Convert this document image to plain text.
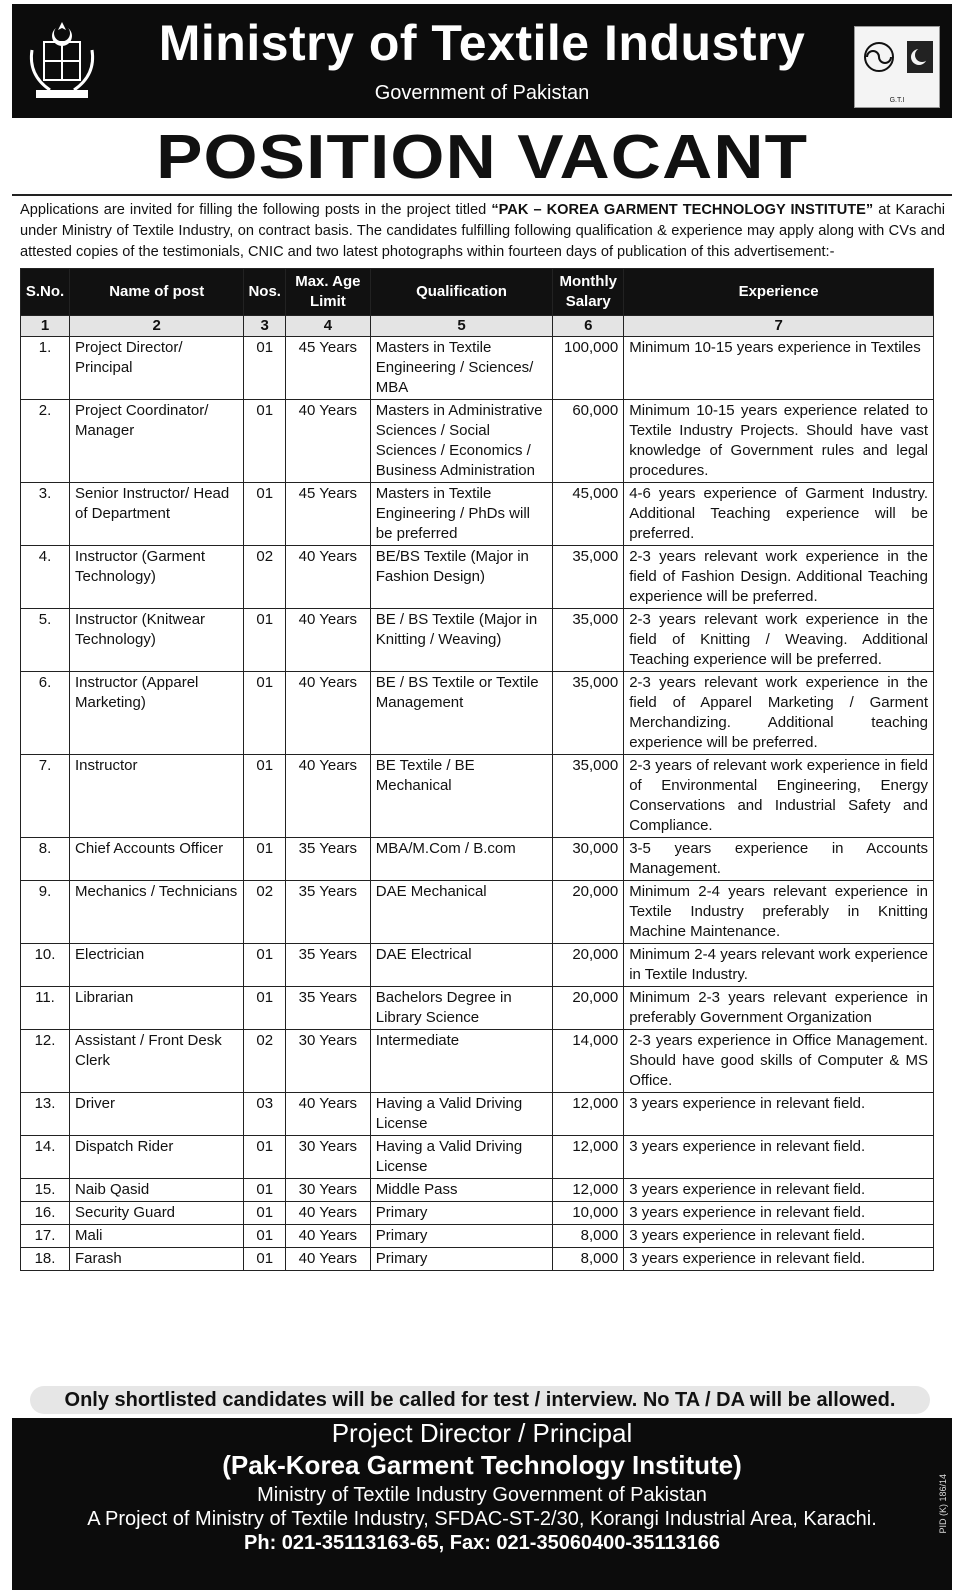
Ministry of Textile Industry
Government of Pakistan	G.T.I
POSITION VACANT
Applications are invited for filling the following posts in the project titled “PAK – KOREA GARMENT TECHNOLOGY INSTITUTE” at Karachi under Ministry of Textile Industry, on contract basis. The candidates fulfilling following qualification & experience may apply along with CVs and attested copies of the testimonials, CNIC and two latest photographs within fourteen days of publication of this advertisement:-
S.No.	Name of post	Nos.	Max. Age Limit	Qualification	Monthly Salary	Experience
1	2	3	4	5	6	7
1.	Project Director/ Principal	01	45 Years	Masters in Textile Engineering / Sciences/ MBA	100,000	Minimum 10-15 years experience in Textiles
2.	Project Coordinator/ Manager	01	40 Years	Masters in Administrative Sciences / Social Sciences / Economics / Business Administration	60,000	Minimum 10-15 years experience related to Textile Industry Projects. Should have vast knowledge of Government rules and legal procedures.
3.	Senior Instructor/ Head of Department	01	45 Years	Masters in Textile Engineering / PhDs will be preferred	45,000	4-6 years experience of Garment Industry. Additional Teaching experience will be preferred.
4.	Instructor (Garment Technology)	02	40 Years	BE/BS Textile (Major in Fashion Design)	35,000	2-3 years relevant work experience in the field of Fashion Design. Additional Teaching experience will be preferred.
5.	Instructor (Knitwear Technology)	01	40 Years	BE / BS Textile (Major in Knitting / Weaving)	35,000	2-3 years relevant work experience in the field of Knitting / Weaving. Additional Teaching experience will be preferred.
6.	Instructor (Apparel Marketing)	01	40 Years	BE / BS Textile or Textile Management	35,000	2-3 years relevant work experience in the field of Apparel Marketing / Garment Merchandizing. Additional teaching experience will be preferred.
7.	Instructor	01	40 Years	BE Textile / BE Mechanical	35,000	2-3 years of relevant work experience in field of Environmental Engineering, Energy Conservations and Industrial Safety and Compliance.
8.	Chief Accounts Officer	01	35 Years	MBA/M.Com / B.com	30,000	3-5 years experience in Accounts Management.
9.	Mechanics / Technicians	02	35 Years	DAE Mechanical	20,000	Minimum 2-4 years relevant experience in Textile Industry preferably in Knitting Machine Maintenance.
10.	Electrician	01	35 Years	DAE Electrical	20,000	Minimum 2-4 years relevant work experience in Textile Industry.
11.	Librarian	01	35 Years	Bachelors Degree in Library Science	20,000	Minimum 2-3 years relevant experience in preferably Government Organization
12.	Assistant / Front Desk Clerk	02	30 Years	Intermediate	14,000	2-3 years experience in Office Management. Should have good skills of Computer & MS Office.
13.	Driver	03	40 Years	Having a Valid Driving License	12,000	3 years experience in relevant field.
14.	Dispatch Rider	01	30 Years	Having a Valid Driving License	12,000	3 years experience in relevant field.
15.	Naib Qasid	01	30 Years	Middle Pass	12,000	3 years experience in relevant field.
16.	Security Guard	01	40 Years	Primary	10,000	3 years experience in relevant field.
17.	Mali	01	40 Years	Primary	8,000	3 years experience in relevant field.
18.	Farash	01	40 Years	Primary	8,000	3 years experience in relevant field.
Only shortlisted candidates will be called for test / interview. No TA / DA will be allowed.
Project Director / Principal
(Pak-Korea Garment Technology Institute)
Ministry of Textile Industry Government of Pakistan
A Project of Ministry of Textile Industry, SFDAC-ST-2/30, Korangi Industrial Area, Karachi.
Ph: 021-35113163-65, Fax: 021-35060400-35113166
PID (K) 186/14
